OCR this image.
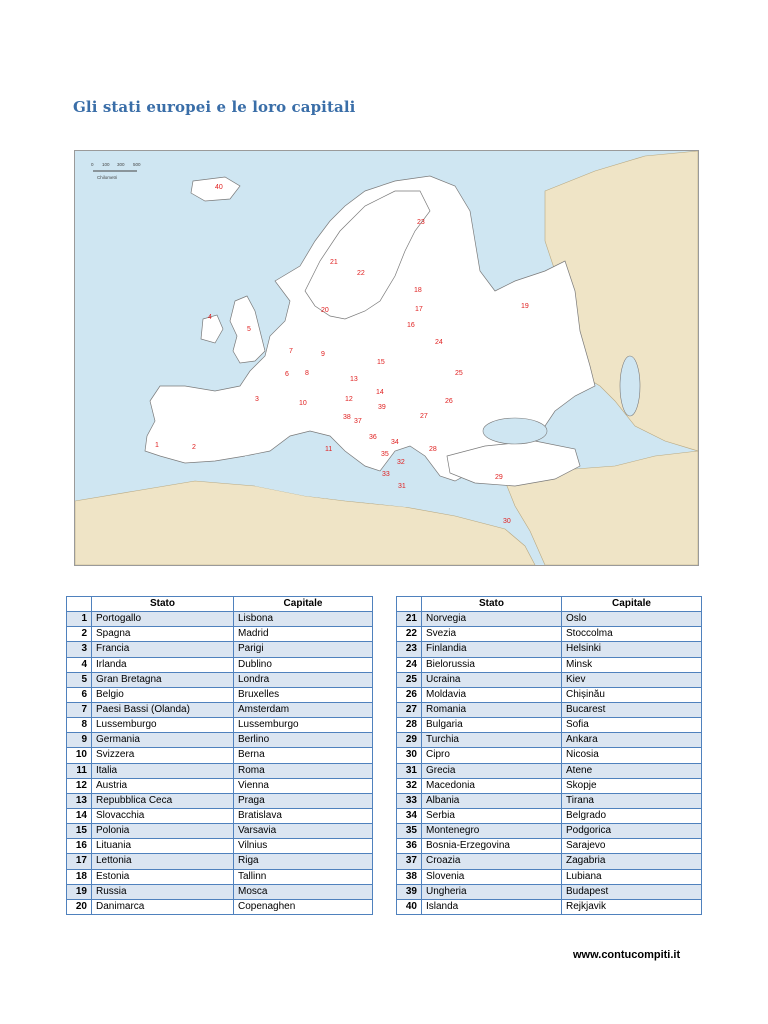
Gli stati europei e le loro capitali
0 100 300 500
Chilometri
1	2
3
4
5
6
7
8
9
10
11
12
13
14
15
16
17
18
19
20
21
22
23
24
25
26
27
28
29
30
31
32
33
34
35
36
37
38
39
40
	Stato	Capitale
1	Portogallo	Lisbona
2	Spagna	Madrid
3	Francia	Parigi
4	Irlanda	Dublino
5	Gran Bretagna	Londra
6	Belgio	Bruxelles
7	Paesi Bassi (Olanda)	Amsterdam
8	Lussemburgo	Lussemburgo
9	Germania	Berlino
10	Svizzera	Berna
11	Italia	Roma
12	Austria	Vienna
13	Repubblica Ceca	Praga
14	Slovacchia	Bratislava
15	Polonia	Varsavia
16	Lituania	Vilnius
17	Lettonia	Riga
18	Estonia	Tallinn
19	Russia	Mosca
20	Danimarca	Copenaghen
	Stato	Capitale
21	Norvegia	Oslo
22	Svezia	Stoccolma
23	Finlandia	Helsinki
24	Bielorussia	Minsk
25	Ucraina	Kiev
26	Moldavia	Chișinău
27	Romania	Bucarest
28	Bulgaria	Sofia
29	Turchia	Ankara
30	Cipro	Nicosia
31	Grecia	Atene
32	Macedonia	Skopje
33	Albania	Tirana
34	Serbia	Belgrado
35	Montenegro	Podgorica
36	Bosnia-Erzegovina	Sarajevo
37	Croazia	Zagabria
38	Slovenia	Lubiana
39	Ungheria	Budapest
40	Islanda	Rejkjavik
www.contucompiti.it
